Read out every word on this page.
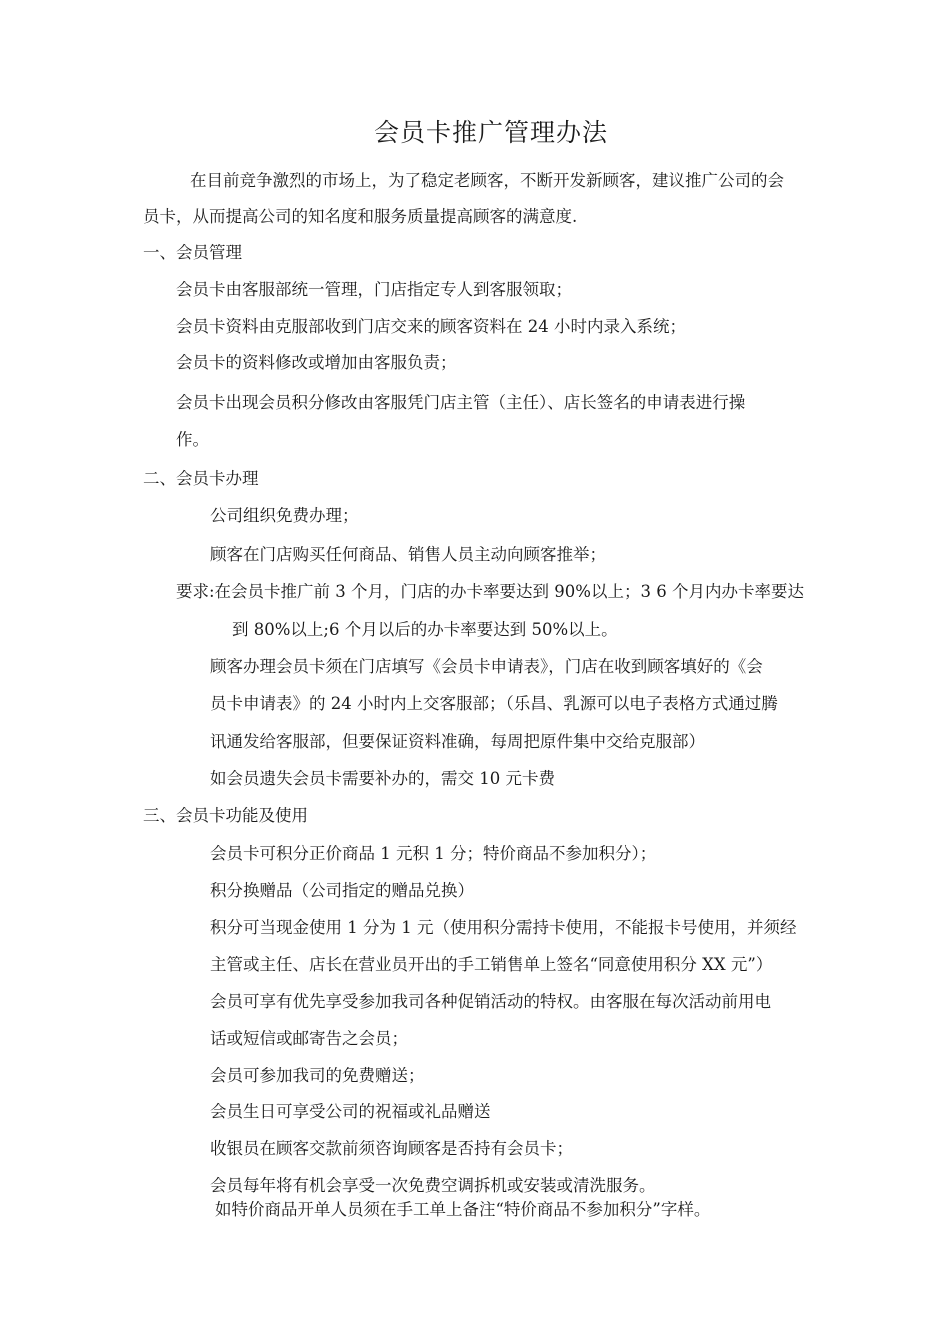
会员卡推广管理办法
在目前竞争激烈的市场上，为了稳定老顾客，不断开发新顾客，建议推广公司的会
员卡，从而提高公司的知名度和服务质量提高顾客的满意度.
一、会员管理
会员卡由客服部统一管理，门店指定专人到客服领取；
会员卡资料由克服部收到门店交来的顾客资料在 24 小时内录入系统；
会员卡的资料修改或增加由客服负责；
会员卡出现会员积分修改由客服凭门店主管（主任）、店长签名的申请表进行操
作。
二、会员卡办理
公司组织免费办理；
顾客在门店购买任何商品、销售人员主动向顾客推举；
要求:在会员卡推广前 3 个月，门店的办卡率要达到 90%以上；3 6 个月内办卡率要达
到 80%以上;6 个月以后的办卡率要达到 50%以上。
顾客办理会员卡须在门店填写《会员卡申请表》，门店在收到顾客填好的《会
员卡申请表》的 24 小时内上交客服部；（乐昌、乳源可以电子表格方式通过腾
讯通发给客服部，但要保证资料准确，每周把原件集中交给克服部）
如会员遗失会员卡需要补办的，需交 10 元卡费
三、会员卡功能及使用
会员卡可积分正价商品 1 元积 1 分；特价商品不参加积分）；
积分换赠品（公司指定的赠品兑换）
积分可当现金使用 1 分为 1 元（使用积分需持卡使用，不能报卡号使用，并须经
主管或主任、店长在营业员开出的手工销售单上签名“同意使用积分 XX 元”）
会员可享有优先享受参加我司各种促销活动的特权。由客服在每次活动前用电
话或短信或邮寄告之会员；
会员可参加我司的免费赠送；
会员生日可享受公司的祝福或礼品赠送
收银员在顾客交款前须咨询顾客是否持有会员卡；
会员每年将有机会享受一次免费空调拆机或安装或清洗服务。
如特价商品开单人员须在手工单上备注“特价商品不参加积分”字样。
